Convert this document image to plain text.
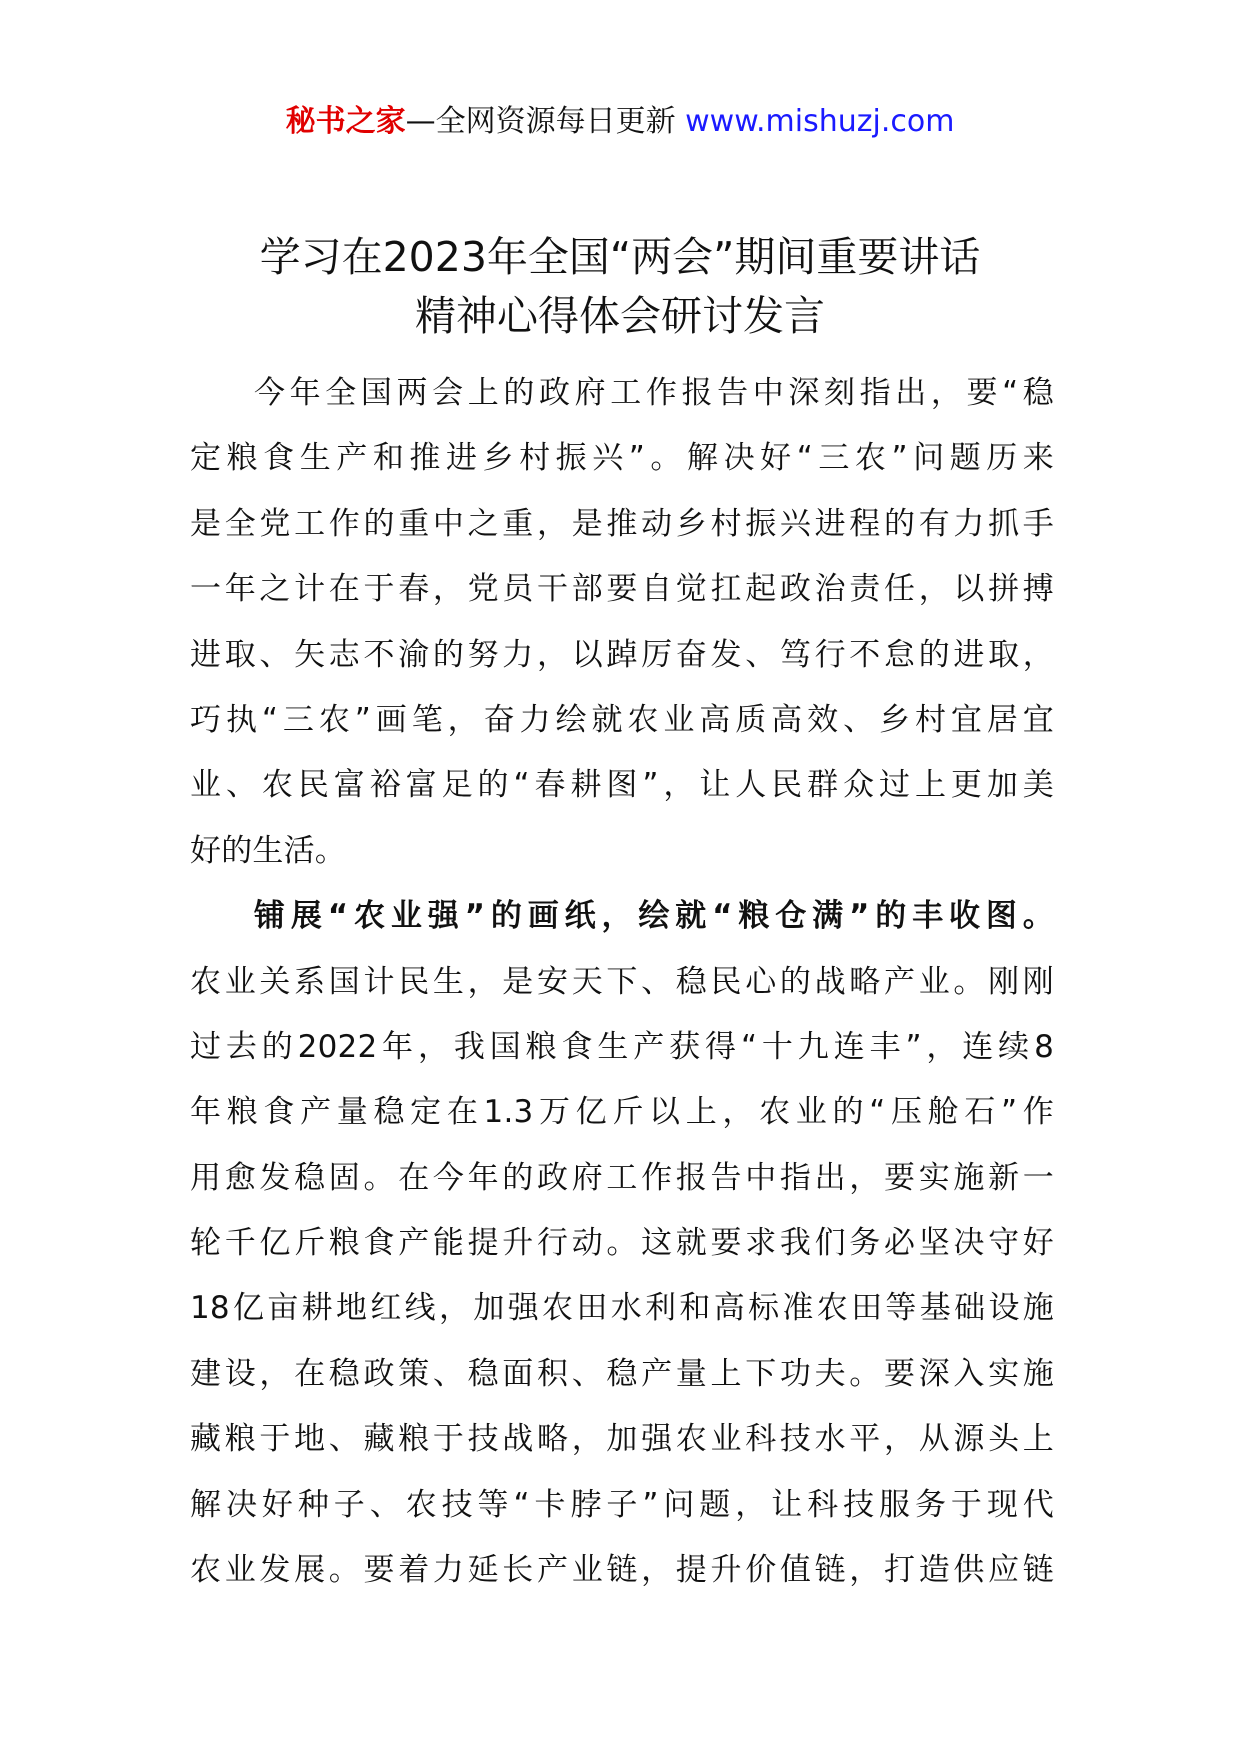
秘书之家—全网资源每日更新 www.mishuzj.com
学习在2023年全国“两会”期间重要讲话
精神心得体会研讨发言
今年全国两会上的政府工作报告中深刻指出，要“稳
定粮食生产和推进乡村振兴”。解决好“三农”问题历来
是全党工作的重中之重，是推动乡村振兴进程的有力抓手
一年之计在于春，党员干部要自觉扛起政治责任，以拼搏
进取、矢志不渝的努力，以踔厉奋发、笃行不怠的进取，
巧执“三农”画笔，奋力绘就农业高质高效、乡村宜居宜
业、农民富裕富足的“春耕图”，让人民群众过上更加美
好的生活。
铺展“农业强”的画纸，绘就“粮仓满”的丰收图。
农业关系国计民生，是安天下、稳民心的战略产业。刚刚
过去的2022年，我国粮食生产获得“十九连丰”，连续8
年粮食产量稳定在1.3万亿斤以上，农业的“压舱石”作
用愈发稳固。在今年的政府工作报告中指出，要实施新一
轮千亿斤粮食产能提升行动。这就要求我们务必坚决守好
18亿亩耕地红线，加强农田水利和高标准农田等基础设施
建设，在稳政策、稳面积、稳产量上下功夫。要深入实施
藏粮于地、藏粮于技战略，加强农业科技水平，从源头上
解决好种子、农技等“卡脖子”问题，让科技服务于现代
农业发展。要着力延长产业链，提升价值链，打造供应链
